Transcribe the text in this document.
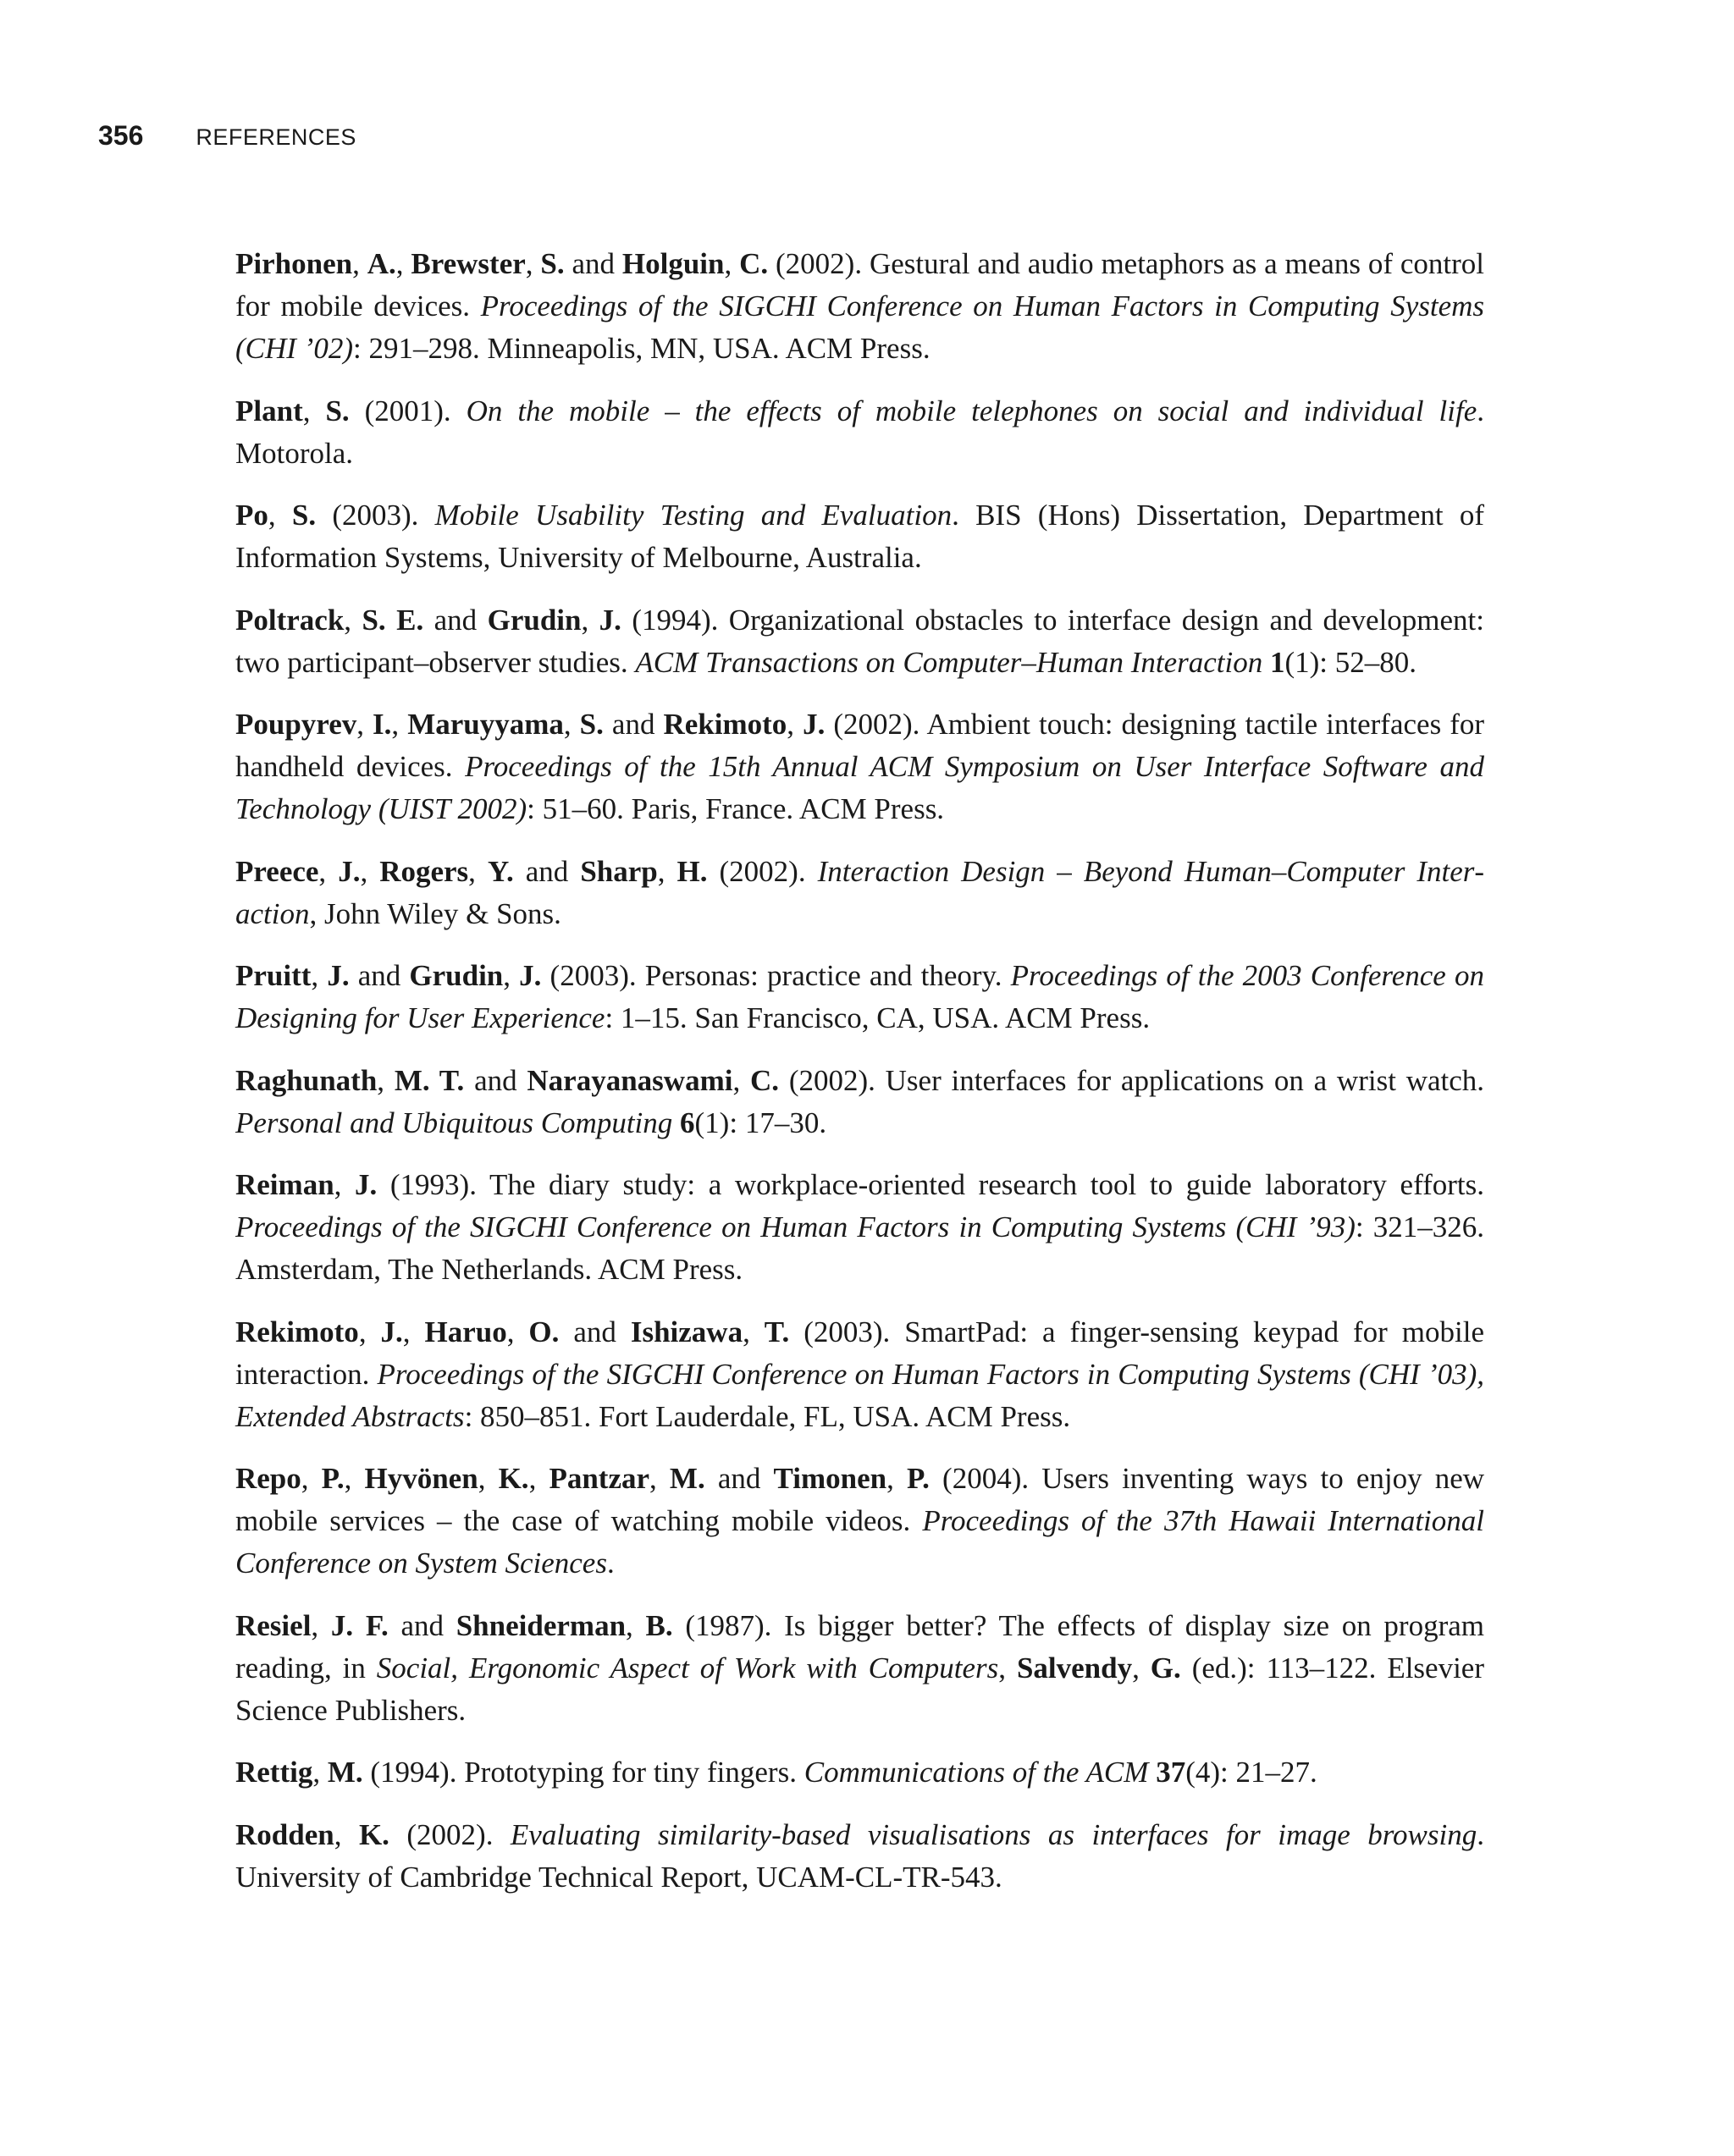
356 REFERENCES
Pirhonen, A., Brewster, S. and Holguin, C. (2002). Gestural and audio metaphors as a means of control for mobile devices. Proceedings of the SIGCHI Conference on Human Factors in Computing Systems (CHI ’02): 291–298. Minneapolis, MN, USA. ACM Press.
Plant, S. (2001). On the mobile – the effects of mobile telephones on social and individual life. Motorola.
Po, S. (2003). Mobile Usability Testing and Evaluation. BIS (Hons) Dissertation, Department of Information Systems, University of Melbourne, Australia.
Poltrack, S. E. and Grudin, J. (1994). Organizational obstacles to interface design and development: two participant–observer studies. ACM Transactions on Computer–Human Interaction 1(1): 52–80.
Poupyrev, I., Maruyyama, S. and Rekimoto, J. (2002). Ambient touch: designing tactile interfaces for handheld devices. Proceedings of the 15th Annual ACM Symposium on User Interface Software and Technology (UIST 2002): 51–60. Paris, France. ACM Press.
Preece, J., Rogers, Y. and Sharp, H. (2002). Interaction Design – Beyond Human–Computer Interaction, John Wiley & Sons.
Pruitt, J. and Grudin, J. (2003). Personas: practice and theory. Proceedings of the 2003 Conference on Designing for User Experience: 1–15. San Francisco, CA, USA. ACM Press.
Raghunath, M. T. and Narayanaswami, C. (2002). User interfaces for applications on a wrist watch. Personal and Ubiquitous Computing 6(1): 17–30.
Reiman, J. (1993). The diary study: a workplace-oriented research tool to guide laboratory efforts. Proceedings of the SIGCHI Conference on Human Factors in Computing Systems (CHI ’93): 321–326. Amsterdam, The Netherlands. ACM Press.
Rekimoto, J., Haruo, O. and Ishizawa, T. (2003). SmartPad: a finger-sensing keypad for mobile interaction. Proceedings of the SIGCHI Conference on Human Factors in Computing Systems (CHI ’03), Extended Abstracts: 850–851. Fort Lauderdale, FL, USA. ACM Press.
Repo, P., Hyvönen, K., Pantzar, M. and Timonen, P. (2004). Users inventing ways to enjoy new mobile services – the case of watching mobile videos. Proceedings of the 37th Hawaii International Conference on System Sciences.
Resiel, J. F. and Shneiderman, B. (1987). Is bigger better? The effects of display size on program reading, in Social, Ergonomic Aspect of Work with Computers, Salvendy, G. (ed.): 113–122. Elsevier Science Publishers.
Rettig, M. (1994). Prototyping for tiny fingers. Communications of the ACM 37(4): 21–27.
Rodden, K. (2002). Evaluating similarity-based visualisations as interfaces for image browsing. University of Cambridge Technical Report, UCAM-CL-TR-543.
